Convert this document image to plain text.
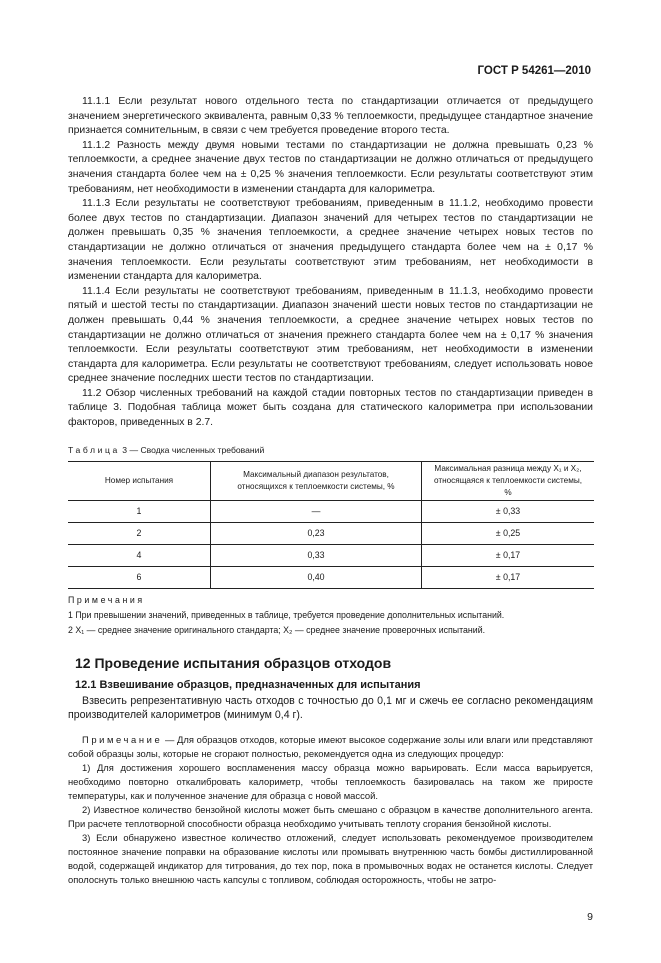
ГОСТ Р 54261—2010

11.1.1 Если результат нового отдельного теста по стандартизации отличается от предыдущего значением энергетического эквивалента, равным 0,33 % теплоемкости, предыдущее стандартное значение признается сомнительным, в связи с чем требуется проведение второго теста.

11.1.2 Разность между двумя новыми тестами по стандартизации не должна превышать 0,23 % теплоемкости, а среднее значение двух тестов по стандартизации не должно отличаться от предыдущего значения стандарта более чем на ± 0,25 % значения теплоемкости. Если результаты соответствуют этим требованиям, нет необходимости в изменении стандарта для калориметра.

11.1.3 Если результаты не соответствуют требованиям, приведенным в 11.1.2, необходимо провести более двух тестов по стандартизации. Диапазон значений для четырех тестов по стандартизации не должен превышать 0,35 % значения теплоемкости, а среднее значение четырех новых тестов по стандартизации не должно отличаться от значения предыдущего стандарта более чем на ± 0,17 % значения теплоемкости. Если результаты соответствуют этим требованиям, нет необходимости в изменении стандарта для калориметра.

11.1.4 Если результаты не соответствуют требованиям, приведенным в 11.1.3, необходимо провести пятый и шестой тесты по стандартизации. Диапазон значений шести новых тестов по стандартизации не должен превышать 0,44 % значения теплоемкости, а среднее значение четырех новых тестов по стандартизации не должно отличаться от значения прежнего стандарта более чем на ± 0,17 % значения теплоемкости. Если результаты соответствуют этим требованиям, нет необходимости в изменении стандарта для калориметра. Если результаты не соответствуют требованиям, следует использовать новое среднее значение последних шести тестов по стандартизации.

11.2 Обзор численных требований на каждой стадии повторных тестов по стандартизации приведен в таблице 3. Подобная таблица может быть создана для статического калориметра при использовании факторов, приведенных в 2.7.

Таблица 3 — Сводка численных требований
Номер испытания	Максимальный диапазон результатов, относящихся к теплоемкости системы, %	Максимальная разница между X₁ и X₂, относящаяся к теплоемкости системы, %
1	—	± 0,33
2	0,23	± 0,25
4	0,33	± 0,17
6	0,40	± 0,17
Примечания
1 При превышении значений, приведенных в таблице, требуется проведение дополнительных испытаний.
2 X₁ — среднее значение оригинального стандарта; X₂ — среднее значение проверочных испытаний.
12 Проведение испытания образцов отходов
12.1 Взвешивание образцов, предназначенных для испытания

Взвесить репрезентативную часть отходов с точностью до 0,1 мг и сжечь ее согласно рекомендациям производителей калориметров (минимум 0,4 г).

Примечание — Для образцов отходов, которые имеют высокое содержание золы или влаги или представляют собой образцы золы, которые не сгорают полностью, рекомендуется одна из следующих процедур:

1) Для достижения хорошего воспламенения массу образца можно варьировать. Если масса варьируется, необходимо повторно откалибровать калориметр, чтобы теплоемкость базировалась на таком же приросте температуры, как и полученное значение для образца с новой массой.

2) Известное количество бензойной кислоты может быть смешано с образцом в качестве дополнительного агента. При расчете теплотворной способности образца необходимо учитывать теплоту сгорания бензойной кислоты.

3) Если обнаружено известное количество отложений, следует использовать рекомендуемое производителем постоянное значение поправки на образование кислоты или промывать внутреннюю часть бомбы дистиллированной водой, содержащей индикатор для титрования, до тех пор, пока в промывочных водах не останется кислоты. Следует ополоснуть только внешнюю часть капсулы с топливом, соблюдая осторожность, чтобы не затро-

9
